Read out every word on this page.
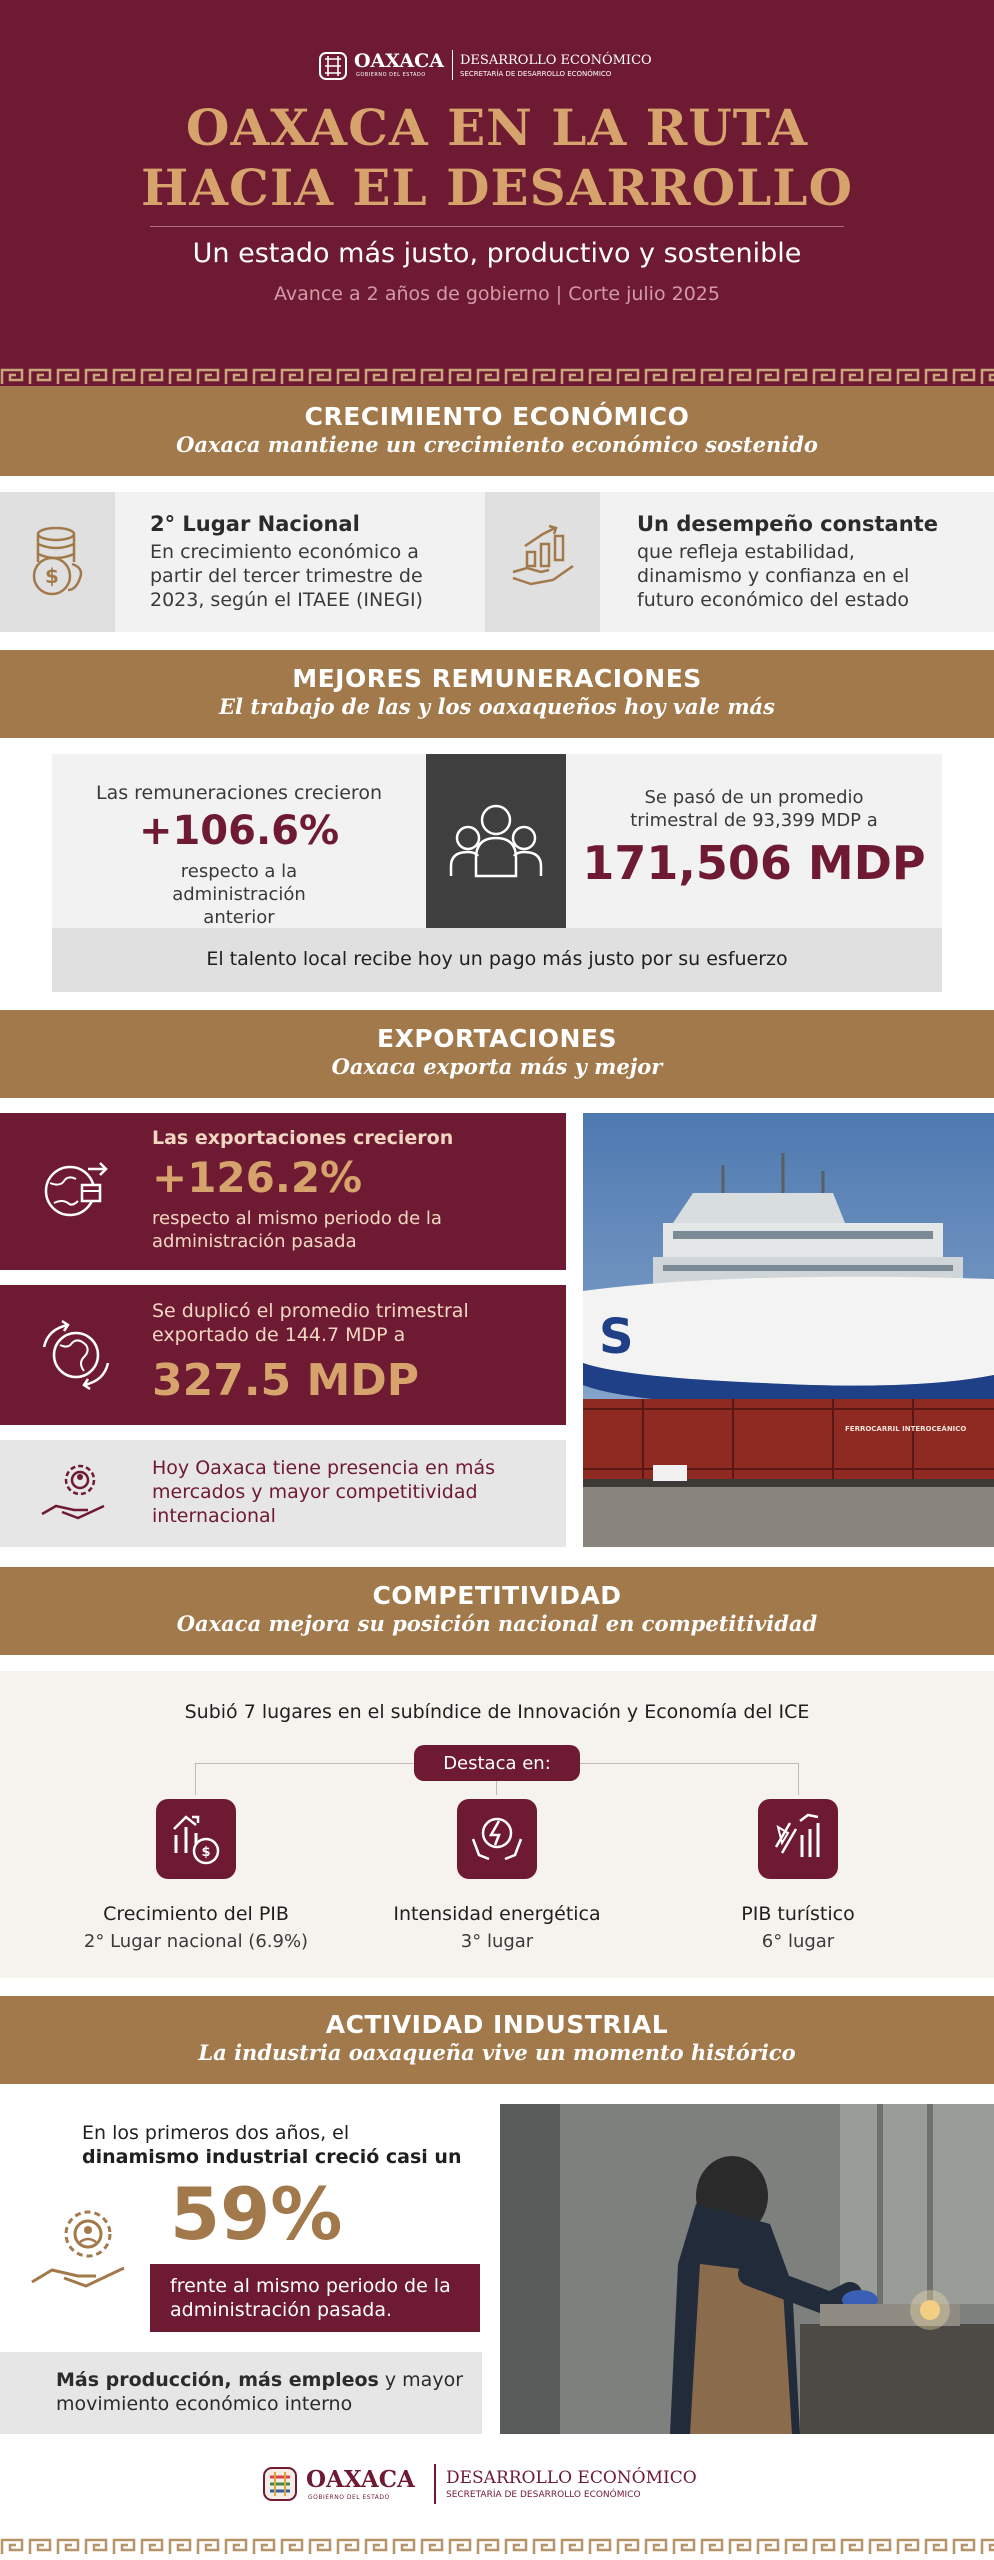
OAXACA
GOBIERNO DEL ESTADO
DESARROLLO ECONÓMICO
SECRETARÍA DE DESARROLLO ECONÓMICO
OAXACA EN LA RUTA
HACIA EL DESARROLLO
Un estado más justo, productivo y sostenible
Avance a 2 años de gobierno | Corte julio 2025
CRECIMIENTO ECONÓMICO
Oaxaca mantiene un crecimiento económico sostenido
$
2° Lugar Nacional
En crecimiento económico a partir del tercer trimestre de 2023, según el ITAEE (INEGI)
Un desempeño constante
que refleja estabilidad, dinamismo y confianza en el futuro económico del estado
MEJORES REMUNERACIONES
El trabajo de las y los oaxaqueños hoy vale más
Las remuneraciones crecieron
+106.6%
respecto a la administración anterior
Se pasó de un promedio trimestral de 93,399 MDP a
171,506 MDP
El talento local recibe hoy un pago más justo por su esfuerzo
EXPORTACIONES
Oaxaca exporta más y mejor
Las exportaciones crecieron
+126.2%
respecto al mismo periodo de la administración pasada
Se duplicó el promedio trimestral exportado de 144.7 MDP a
327.5 MDP
Hoy Oaxaca tiene presencia en más mercados y mayor competitividad internacional
S
FERROCARRIL INTEROCEÁNICO
COMPETITIVIDAD
Oaxaca mejora su posición nacional en competitividad
Subió 7 lugares en el subíndice de Innovación y Economía del ICE
Destaca en:
$
Crecimiento del PIB
2° Lugar nacional (6.9%)
Intensidad energética
3° lugar
PIB turístico
6° lugar
ACTIVIDAD INDUSTRIAL
La industria oaxaqueña vive un momento histórico
En los primeros dos años, el
dinamismo industrial creció casi un
59%
frente al mismo periodo de la administración pasada.
Más producción, más empleos y mayor movimiento económico interno
OAXACA
GOBIERNO DEL ESTADO
DESARROLLO ECONÓMICO
SECRETARÍA DE DESARROLLO ECONÓMICO
